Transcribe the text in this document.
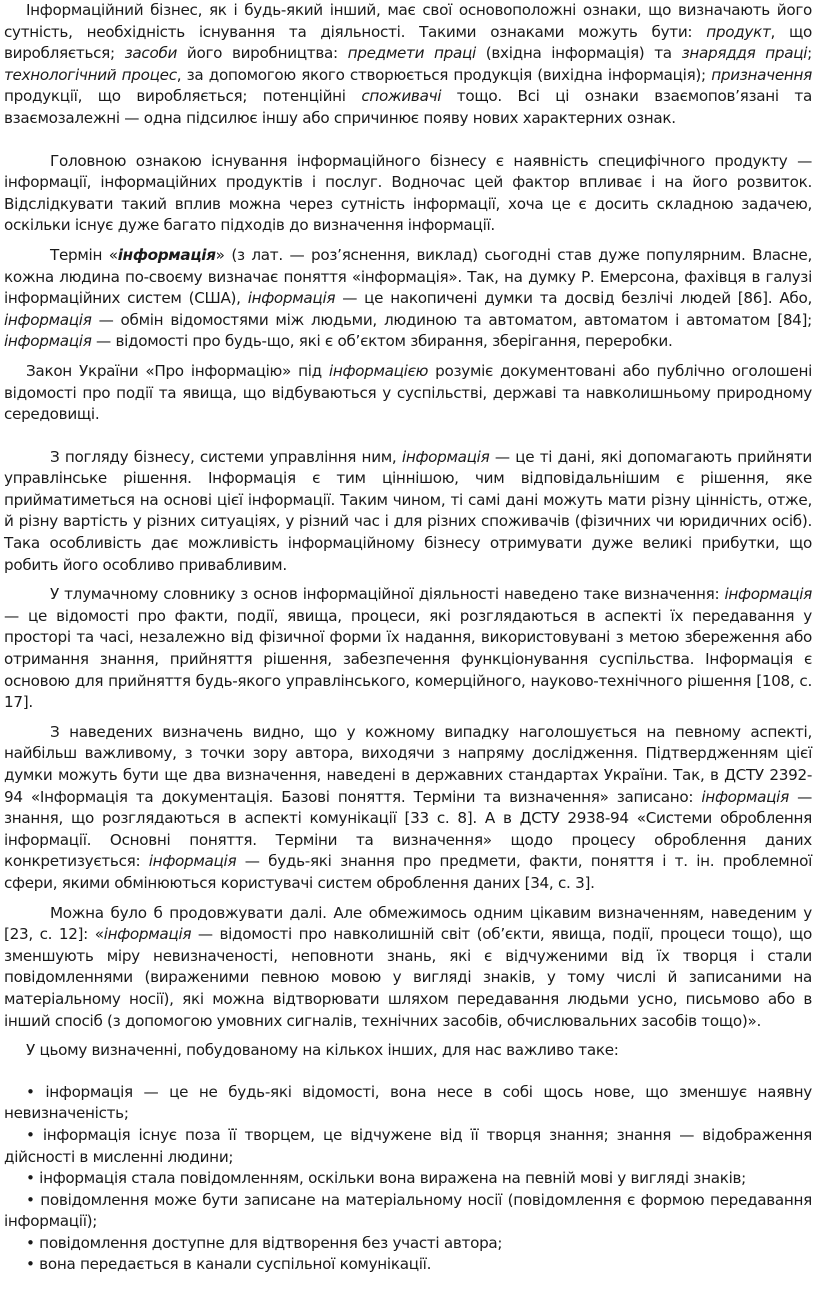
Інформаційний бізнес, як і будь-який інший, має свої основоположні ознаки, що визначають його сутність, необхідність існування та діяльності. Такими ознаками можуть бути: продукт, що виробляється; засоби його виробництва: предмети праці (вхідна інформація) та знаряддя праці; технологічний процес, за допомогою якого створюється продукція (вихідна інформація); призначення продукції, що виробляється; потенційні споживачі тощо. Всі ці ознаки взаємопов’язані та взаємозалежні — одна підсилює іншу або спричинює появу нових характерних ознак.

Головною ознакою існування інформаційного бізнесу є наявність специфічного продукту — інформації, інформаційних продуктів і послуг. Водночас цей фактор впливає і на його розвиток. Відслідкувати такий вплив можна через сутність інформації, хоча це є досить складною задачею, оскільки існує дуже багато підходів до визначення інформації.

Термін «інформація» (з лат. — роз’яснення, виклад) сьогодні став дуже популярним. Власне, кожна людина по-своєму визначає поняття «інформація». Так, на думку Р. Емерсона, фахівця в галузі інформаційних систем (США), інформація — це накопичені думки та досвід безлічі людей [86]. Або, інформація — обмін відомостями між людьми, людиною та автоматом, автоматом і автоматом [84]; інформація — відомості про будь-що, які є об’єктом збирання, зберігання, переробки.

Закон України «Про інформацію» під інформацією розуміє документовані або публічно оголошені відомості про події та явища, що відбуваються у суспільстві, державі та навколишньому природному середовищі.

З погляду бізнесу, системи управління ним, інформація — це ті дані, які допомагають прийняти управлінське рішення. Інформація є тим ціннішою, чим відповідальнішим є рішення, яке прийматиметься на основі цієї інформації. Таким чином, ті самі дані можуть мати різну цінність, отже, й різну вартість у різних ситуаціях, у різний час і для різних споживачів (фізичних чи юридичних осіб). Така особливість дає можливість інформаційному бізнесу отримувати дуже великі прибутки, що робить його особливо привабливим.

У тлумачному словнику з основ інформаційної діяльності наведено таке визначення: інформація — це відомості про факти, події, явища, процеси, які розглядаються в аспекті їх передавання у просторі та часі, незалежно від фізичної форми їх надання, використовувані з метою збереження або отримання знання, прийняття рішення, забезпечення функціонування суспільства. Інформація є основою для прийняття будь-якого управлінського, комерційного, науково-технічного рішення [108, с. 17].

З наведених визначень видно, що у кожному випадку наголошується на певному аспекті, найбільш важливому, з точки зору автора, виходячи з напряму дослідження. Підтвердженням цієї думки можуть бути ще два визначення, наведені в державних стандартах України. Так, в ДСТУ 2392-94 «Інформація та документація. Базові поняття. Терміни та визначення» записано: інформація — знання, що розглядаються в аспекті комунікації [33 с. 8]. А в ДСТУ 2938-94 «Системи оброблення інформації. Основні поняття. Терміни та визначення» щодо процесу оброблення даних конкретизується: інформація — будь-які знання про предмети, факти, поняття і т. ін. проблемної сфери, якими обмінюються користувачі систем оброблення даних [34, с. 3].

Можна було б продовжувати далі. Але обмежимось одним цікавим визначенням, наведеним у [23, с. 12]: «інформація — відомості про навколишній світ (об’єкти, явища, події, процеси тощо), що зменшують міру невизначеності, неповноти знань, які є відчуженими від їх творця і стали повідомленнями (вираженими певною мовою у вигляді знаків, у тому числі й записаними на матеріальному носії), які можна відтворювати шляхом передавання людьми усно, письмово або в інший спосіб (з допомогою умовних сигналів, технічних засобів, обчислювальних засобів тощо)».

У цьому визначенні, побудованому на кількох інших, для нас важливо таке:

• інформація — це не будь-які відомості, вона несе в собі щось нове, що зменшує наявну невизначеність;

• інформація існує поза її творцем, це відчужене від її творця знання; знання — відображення дійсності в мисленні людини;

• інформація стала повідомленням, оскільки вона виражена на певній мові у вигляді знаків;

• повідомлення може бути записане на матеріальному носії (повідомлення є формою передавання інформації);

• повідомлення доступне для відтворення без участі автора;

• вона передається в канали суспільної комунікації.
